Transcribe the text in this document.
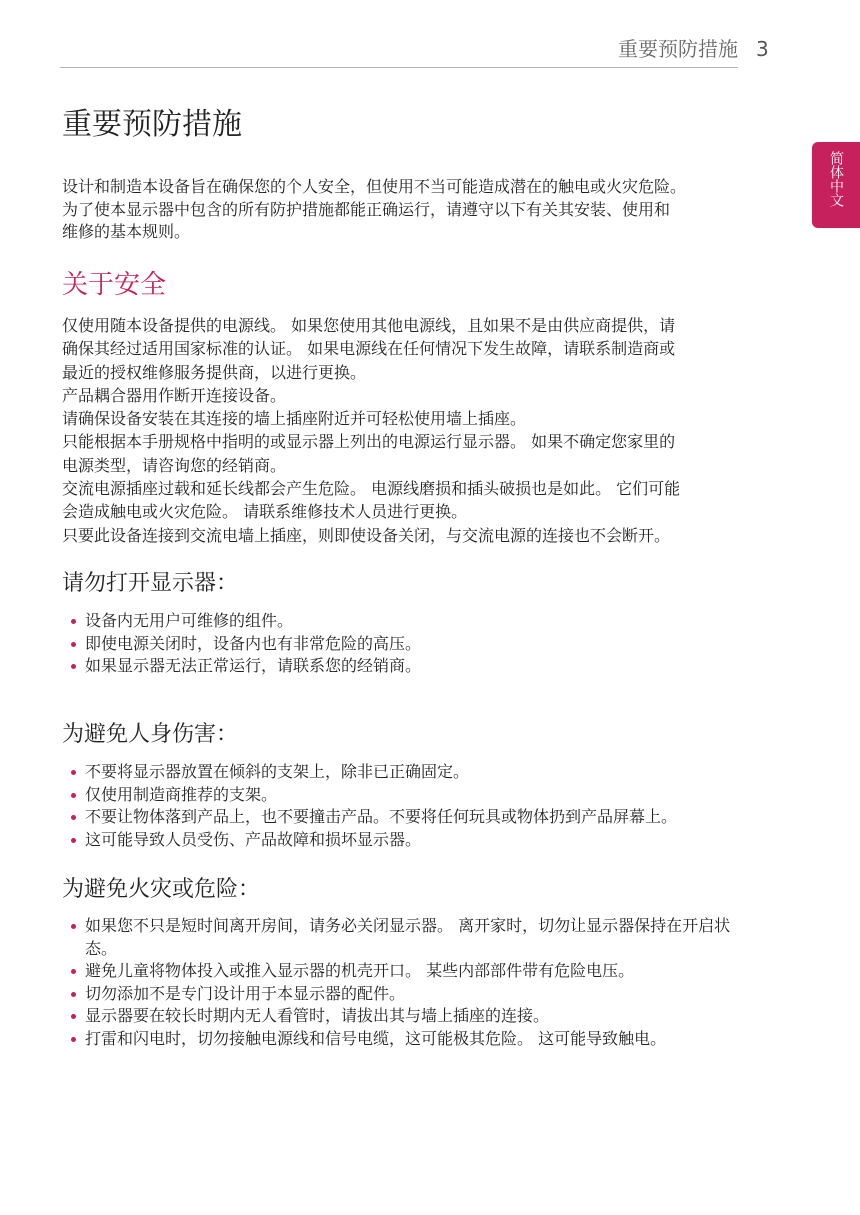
重要预防措施 3
简体中文
重要预防措施

设计和制造本设备旨在确保您的个人安全，但使用不当可能造成潜在的触电或火灾危险。
为了使本显示器中包含的所有防护措施都能正确运行，请遵守以下有关其安装、使用和
维修的基本规则。

关于安全

仅使用随本设备提供的电源线。 如果您使用其他电源线，且如果不是由供应商提供，请
确保其经过适用国家标准的认证。 如果电源线在任何情况下发生故障，请联系制造商或
最近的授权维修服务提供商，以进行更换。
产品耦合器用作断开连接设备。
请确保设备安装在其连接的墙上插座附近并可轻松使用墙上插座。
只能根据本手册规格中指明的或显示器上列出的电源运行显示器。 如果不确定您家里的
电源类型，请咨询您的经销商。
交流电源插座过载和延长线都会产生危险。 电源线磨损和插头破损也是如此。 它们可能
会造成触电或火灾危险。 请联系维修技术人员进行更换。
只要此设备连接到交流电墙上插座，则即使设备关闭，与交流电源的连接也不会断开。

请勿打开显示器：
设备内无用户可维修的组件。
即使电源关闭时，设备内也有非常危险的高压。
如果显示器无法正常运行，请联系您的经销商。
为避免人身伤害：
不要将显示器放置在倾斜的支架上，除非已正确固定。
仅使用制造商推荐的支架。
不要让物体落到产品上，也不要撞击产品。不要将任何玩具或物体扔到产品屏幕上。
这可能导致人员受伤、产品故障和损坏显示器。
为避免火灾或危险：
如果您不只是短时间离开房间，请务必关闭显示器。 离开家时，切勿让显示器保持在开启状态。
避免儿童将物体投入或推入显示器的机壳开口。 某些内部部件带有危险电压。
切勿添加不是专门设计用于本显示器的配件。
显示器要在较长时期内无人看管时，请拔出其与墙上插座的连接。
打雷和闪电时，切勿接触电源线和信号电缆，这可能极其危险。 这可能导致触电。
